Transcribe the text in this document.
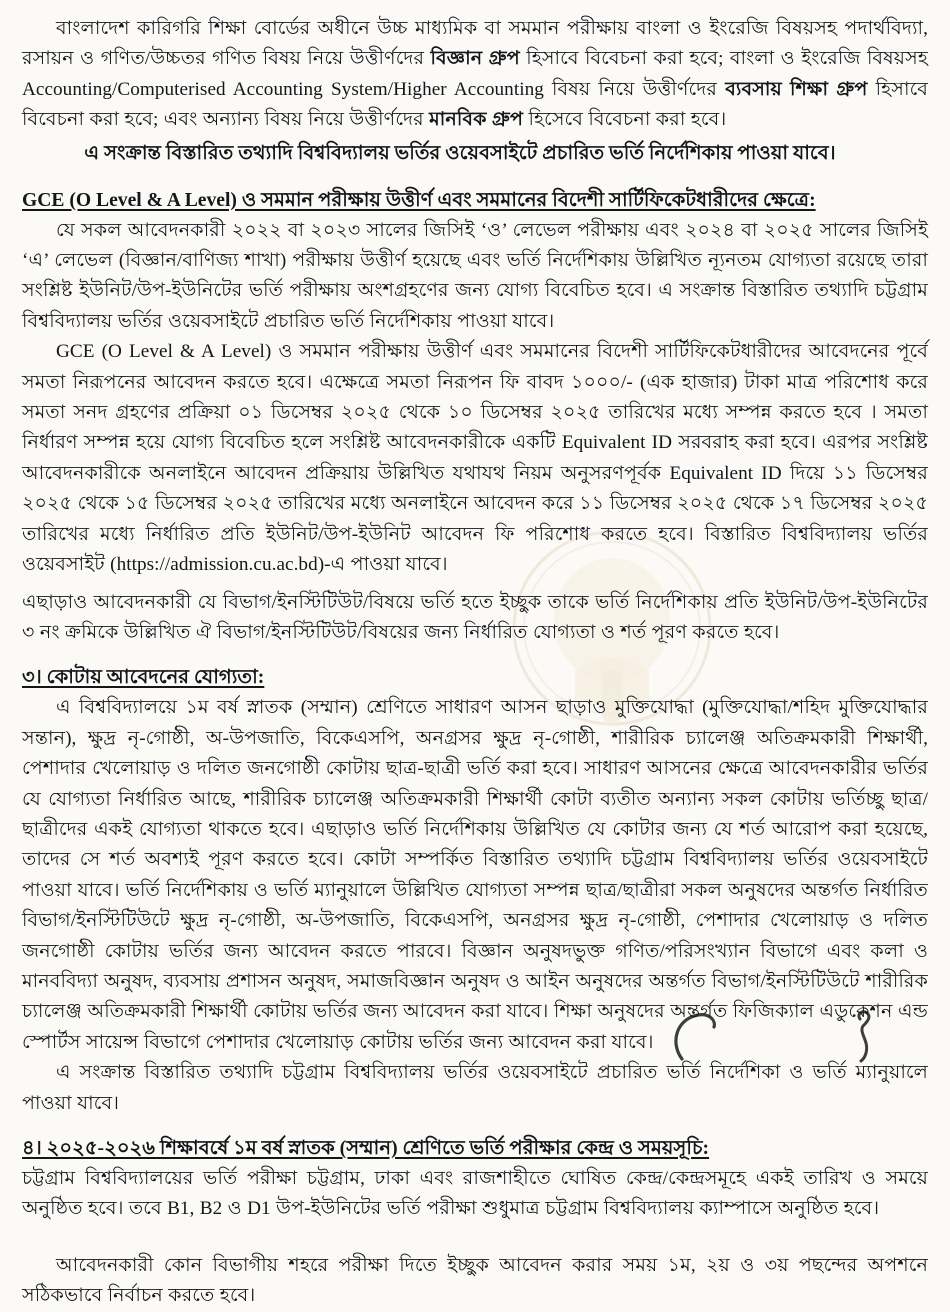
বাংলাদেশ কারিগরি শিক্ষা বোর্ডের অধীনে উচ্চ মাধ্যমিক বা সমমান পরীক্ষায় বাংলা ও ইংরেজি বিষয়সহ পদার্থবিদ্যা, রসায়ন ও গণিত/উচ্চতর গণিত বিষয় নিয়ে উত্তীর্ণদের বিজ্ঞান গ্রুপ হিসাবে বিবেচনা করা হবে; বাংলা ও ইংরেজি বিষয়সহ Accounting/Computerised Accounting System/Higher Accounting বিষয় নিয়ে উত্তীর্ণদের ব্যবসায় শিক্ষা গ্রুপ হিসাবে বিবেচনা করা হবে; এবং অন্যান্য বিষয় নিয়ে উত্তীর্ণদের মানবিক গ্রুপ হিসেবে বিবেচনা করা হবে।
এ সংক্রান্ত বিস্তারিত তথ্যাদি বিশ্ববিদ্যালয় ভর্তির ওয়েবসাইটে প্রচারিত ভর্তি নির্দেশিকায় পাওয়া যাবে।
GCE (O Level & A Level) ও সমমান পরীক্ষায় উত্তীর্ণ এবং সমমানের বিদেশী সার্টিফিকেটধারীদের ক্ষেত্রে:
যে সকল আবেদনকারী ২০২২ বা ২০২৩ সালের জিসিই ‘ও’ লেভেল পরীক্ষায় এবং ২০২৪ বা ২০২৫ সালের জিসিই ‘এ’ লেভেল (বিজ্ঞান/বাণিজ্য শাখা) পরীক্ষায় উত্তীর্ণ হয়েছে এবং ভর্তি নির্দেশিকায় উল্লিখিত ন্যূনতম যোগ্যতা রয়েছে তারা সংশ্লিষ্ট ইউনিট/উপ-ইউনিটের ভর্তি পরীক্ষায় অংশগ্রহণের জন্য যোগ্য বিবেচিত হবে। এ সংক্রান্ত বিস্তারিত তথ্যাদি চট্টগ্রাম বিশ্ববিদ্যালয় ভর্তির ওয়েবসাইটে প্রচারিত ভর্তি নির্দেশিকায় পাওয়া যাবে।
GCE (O Level & A Level) ও সমমান পরীক্ষায় উত্তীর্ণ এবং সমমানের বিদেশী সার্টিফিকেটধারীদের আবেদনের পূর্বে সমতা নিরূপনের আবেদন করতে হবে। এক্ষেত্রে সমতা নিরূপন ফি বাবদ ১০০০/- (এক হাজার) টাকা মাত্র পরিশোধ করে সমতা সনদ গ্রহণের প্রক্রিয়া ০১ ডিসেম্বর ২০২৫ থেকে ১০ ডিসেম্বর ২০২৫ তারিখের মধ্যে সম্পন্ন করতে হবে । সমতা নির্ধারণ সম্পন্ন হয়ে যোগ্য বিবেচিত হলে সংশ্লিষ্ট আবেদনকারীকে একটি Equivalent ID সরবরাহ করা হবে। এরপর সংশ্লিষ্ট আবেদনকারীকে অনলাইনে আবেদন প্রক্রিয়ায় উল্লিখিত যথাযথ নিয়ম অনুসরণপূর্বক Equivalent ID দিয়ে ১১ ডিসেম্বর ২০২৫ থেকে ১৫ ডিসেম্বর ২০২৫ তারিখের মধ্যে অনলাইনে আবেদন করে ১১ ডিসেম্বর ২০২৫ থেকে ১৭ ডিসেম্বর ২০২৫ তারিখের মধ্যে নির্ধারিত প্রতি ইউনিট/উপ-ইউনিট আবেদন ফি পরিশোধ করতে হবে। বিস্তারিত বিশ্ববিদ্যালয় ভর্তির ওয়েবসাইট (https://admission.cu.ac.bd)-এ পাওয়া যাবে।
এছাড়াও আবেদনকারী যে বিভাগ/ইনস্টিটিউট/বিষয়ে ভর্তি হতে ইচ্ছুক তাকে ভর্তি নির্দেশিকায় প্রতি ইউনিট/উপ-ইউনিটের ৩ নং ক্রমিকে উল্লিখিত ঐ বিভাগ/ইনস্টিটিউট/বিষয়ের জন্য নির্ধারিত যোগ্যতা ও শর্ত পূরণ করতে হবে।
৩। কোটায় আবেদনের যোগ্যতা:
এ বিশ্ববিদ্যালয়ে ১ম বর্ষ স্নাতক (সম্মান) শ্রেণিতে সাধারণ আসন ছাড়াও মুক্তিযোদ্ধা (মুক্তিযোদ্ধা/শহিদ মুক্তিযোদ্ধার সন্তান), ক্ষুদ্র নৃ-গোষ্ঠী, অ-উপজাতি, বিকেএসপি, অনগ্রসর ক্ষুদ্র নৃ-গোষ্ঠী, শারীরিক চ্যালেঞ্জ অতিক্রমকারী শিক্ষার্থী, পেশাদার খেলোয়াড় ও দলিত জনগোষ্ঠী কোটায় ছাত্র-ছাত্রী ভর্তি করা হবে। সাধারণ আসনের ক্ষেত্রে আবেদনকারীর ভর্তির যে যোগ্যতা নির্ধারিত আছে, শারীরিক চ্যালেঞ্জ অতিক্রমকারী শিক্ষার্থী কোটা ব্যতীত অন্যান্য সকল কোটায় ভর্তিচ্ছু ছাত্র/ছাত্রীদের একই যোগ্যতা থাকতে হবে। এছাড়াও ভর্তি নির্দেশিকায় উল্লিখিত যে কোটার জন্য যে শর্ত আরোপ করা হয়েছে, তাদের সে শর্ত অবশ্যই পূরণ করতে হবে। কোটা সম্পর্কিত বিস্তারিত তথ্যাদি চট্টগ্রাম বিশ্ববিদ্যালয় ভর্তির ওয়েবসাইটে পাওয়া যাবে। ভর্তি নির্দেশিকায় ও ভর্তি ম্যানুয়ালে উল্লিখিত যোগ্যতা সম্পন্ন ছাত্র/ছাত্রীরা সকল অনুষদের অন্তর্গত নির্ধারিত বিভাগ/ইনস্টিটিউটে ক্ষুদ্র নৃ-গোষ্ঠী, অ-উপজাতি, বিকেএসপি, অনগ্রসর ক্ষুদ্র নৃ-গোষ্ঠী, পেশাদার খেলোয়াড় ও দলিত জনগোষ্ঠী কোটায় ভর্তির জন্য আবেদন করতে পারবে। বিজ্ঞান অনুষদভুক্ত গণিত/পরিসংখ্যান বিভাগে এবং কলা ও মানববিদ্যা অনুষদ, ব্যবসায় প্রশাসন অনুষদ, সমাজবিজ্ঞান অনুষদ ও আইন অনুষদের অন্তর্গত বিভাগ/ইনস্টিটিউটে শারীরিক চ্যালেঞ্জ অতিক্রমকারী শিক্ষার্থী কোটায় ভর্তির জন্য আবেদন করা যাবে। শিক্ষা অনুষদের অন্তর্গত ফিজিক্যাল এডুকেশন এন্ড স্পোর্টস সায়েন্স বিভাগে পেশাদার খেলোয়াড় কোটায় ভর্তির জন্য আবেদন করা যাবে।
এ সংক্রান্ত বিস্তারিত তথ্যাদি চট্টগ্রাম বিশ্ববিদ্যালয় ভর্তির ওয়েবসাইটে প্রচারিত ভর্তি নির্দেশিকা ও ভর্তি ম্যানুয়ালে পাওয়া যাবে।
৪। ২০২৫-২০২৬ শিক্ষাবর্ষে ১ম বর্ষ স্নাতক (সম্মান) শ্রেণিতে ভর্তি পরীক্ষার কেন্দ্র ও সময়সূচি:
চট্টগ্রাম বিশ্ববিদ্যালয়ের ভর্তি পরীক্ষা চট্টগ্রাম, ঢাকা এবং রাজশাহীতে ঘোষিত কেন্দ্র/কেন্দ্রসমূহে একই তারিখ ও সময়ে অনুষ্ঠিত হবে। তবে B1, B2 ও D1 উপ-ইউনিটের ভর্তি পরীক্ষা শুধুমাত্র চট্টগ্রাম বিশ্ববিদ্যালয় ক্যাম্পাসে অনুষ্ঠিত হবে।
আবেদনকারী কোন বিভাগীয় শহরে পরীক্ষা দিতে ইচ্ছুক আবেদন করার সময় ১ম, ২য় ও ৩য় পছন্দের অপশনে সঠিকভাবে নির্বাচন করতে হবে।
